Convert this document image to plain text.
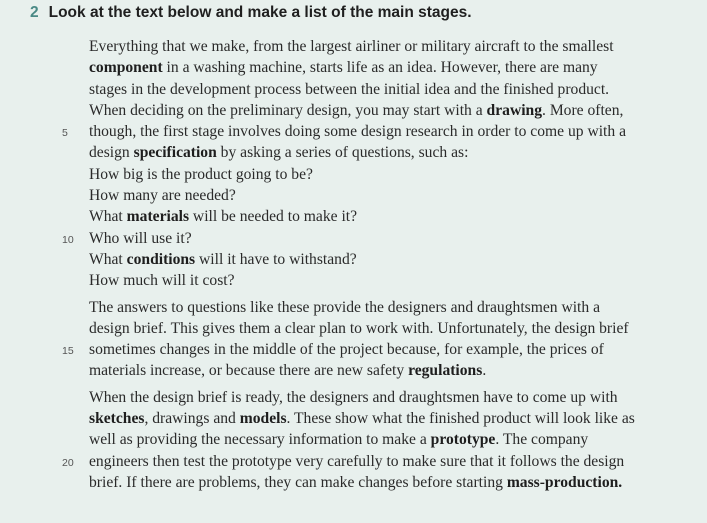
2 Look at the text below and make a list of the main stages.
Everything that we make, from the largest airliner or military aircraft to the smallest
component in a washing machine, starts life as an idea. However, there are many
stages in the development process between the initial idea and the finished product.
When deciding on the preliminary design, you may start with a drawing. More often,
5 though, the first stage involves doing some design research in order to come up with a
design specification by asking a series of questions, such as:
How big is the product going to be?
How many are needed?
What materials will be needed to make it?
10 Who will use it?
What conditions will it have to withstand?
How much will it cost?
The answers to questions like these provide the designers and draughtsmen with a
design brief. This gives them a clear plan to work with. Unfortunately, the design brief
15 sometimes changes in the middle of the project because, for example, the prices of
materials increase, or because there are new safety regulations.
When the design brief is ready, the designers and draughtsmen have to come up with
sketches, drawings and models. These show what the finished product will look like as
well as providing the necessary information to make a prototype. The company
20 engineers then test the prototype very carefully to make sure that it follows the design
brief. If there are problems, they can make changes before starting mass-production.
